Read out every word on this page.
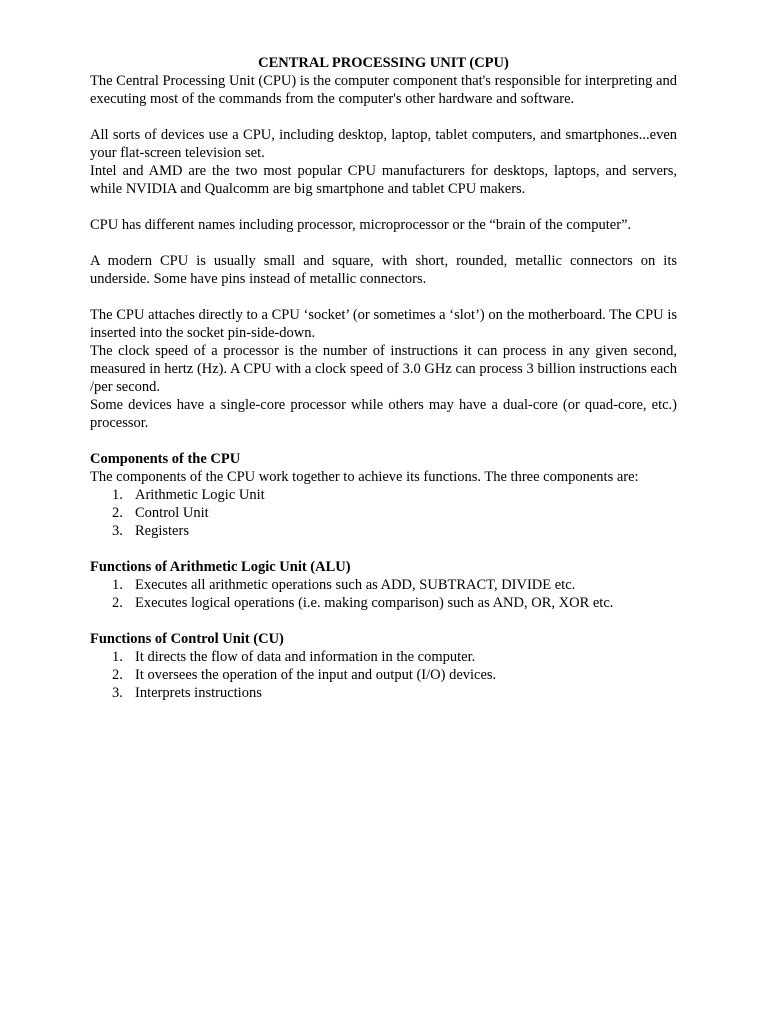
CENTRAL PROCESSING UNIT (CPU)

The Central Processing Unit (CPU) is the computer component that's responsible for interpreting and executing most of the commands from the computer's other hardware and software.

All sorts of devices use a CPU, including desktop, laptop, tablet computers, and smartphones...even your flat-screen television set.

Intel and AMD are the two most popular CPU manufacturers for desktops, laptops, and servers, while NVIDIA and Qualcomm are big smartphone and tablet CPU makers.

CPU has different names including processor, microprocessor or the “brain of the computer”.

A modern CPU is usually small and square, with short, rounded, metallic connectors on its underside. Some have pins instead of metallic connectors.

The CPU attaches directly to a CPU ‘socket’ (or sometimes a ‘slot’) on the motherboard. The CPU is inserted into the socket pin-side-down.

The clock speed of a processor is the number of instructions it can process in any given second, measured in hertz (Hz). A CPU with a clock speed of 3.0 GHz can process 3 billion instructions each /per second.

Some devices have a single-core processor while others may have a dual-core (or quad-core, etc.) processor.

Components of the CPU

The components of the CPU work together to achieve its functions. The three components are:

1. Arithmetic Logic Unit
2. Control Unit
3. Registers
Functions of Arithmetic Logic Unit (ALU)
1. Executes all arithmetic operations such as ADD, SUBTRACT, DIVIDE etc.
2. Executes logical operations (i.e. making comparison) such as AND, OR, XOR etc.
Functions of Control Unit (CU)
1. It directs the flow of data and information in the computer.
2. It oversees the operation of the input and output (I/O) devices.
3. Interprets instructions
